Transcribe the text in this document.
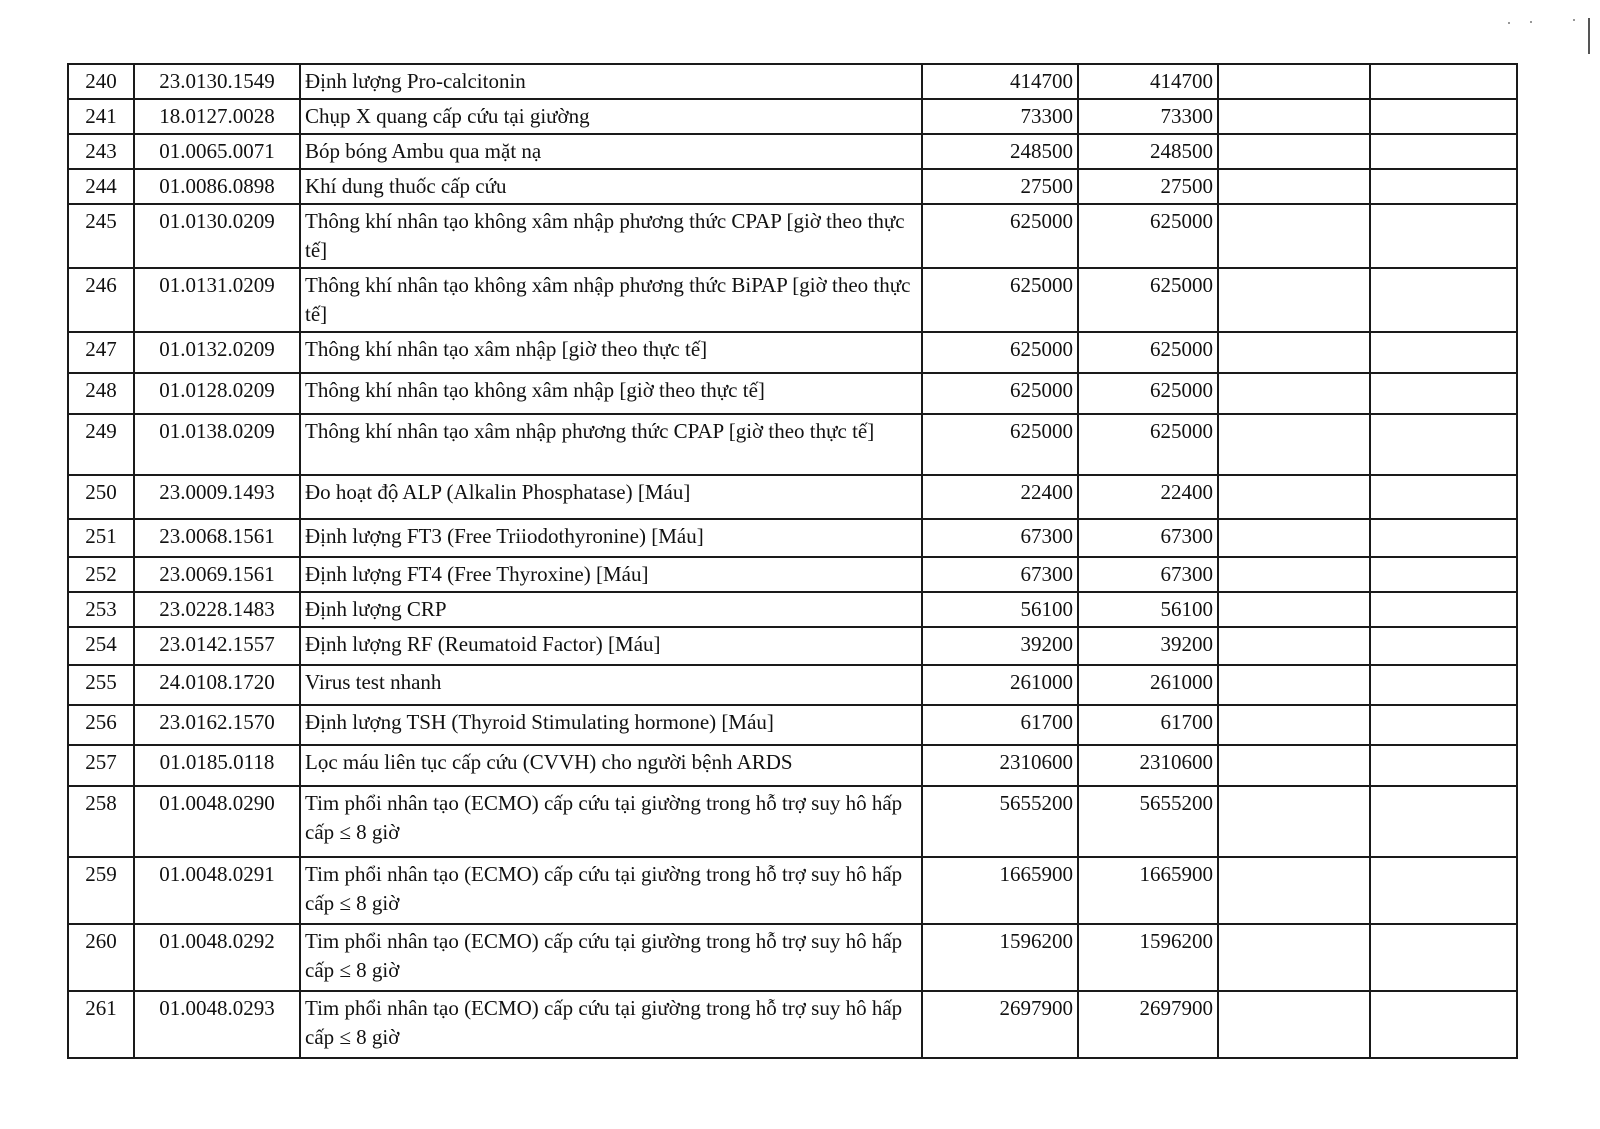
240	23.0130.1549	Định lượng Pro-calcitonin	414700	414700		
241	18.0127.0028	Chụp X quang cấp cứu tại giường	73300	73300		
243	01.0065.0071	Bóp bóng Ambu qua mặt nạ	248500	248500		
244	01.0086.0898	Khí dung thuốc cấp cứu	27500	27500		
245	01.0130.0209	Thông khí nhân tạo không xâm nhập phương thức CPAP [giờ theo thực tế]	625000	625000		
246	01.0131.0209	Thông khí nhân tạo không xâm nhập phương thức BiPAP [giờ theo thực tế]	625000	625000		
247	01.0132.0209	Thông khí nhân tạo xâm nhập [giờ theo thực tế]	625000	625000		
248	01.0128.0209	Thông khí nhân tạo không xâm nhập [giờ theo thực tế]	625000	625000		
249	01.0138.0209	Thông khí nhân tạo xâm nhập phương thức CPAP [giờ theo thực tế]	625000	625000		
250	23.0009.1493	Đo hoạt độ ALP (Alkalin Phosphatase) [Máu]	22400	22400		
251	23.0068.1561	Định lượng FT3 (Free Triiodothyronine) [Máu]	67300	67300		
252	23.0069.1561	Định lượng FT4 (Free Thyroxine) [Máu]	67300	67300		
253	23.0228.1483	Định lượng CRP	56100	56100		
254	23.0142.1557	Định lượng RF (Reumatoid Factor) [Máu]	39200	39200		
255	24.0108.1720	Virus test nhanh	261000	261000		
256	23.0162.1570	Định lượng TSH (Thyroid Stimulating hormone) [Máu]	61700	61700		
257	01.0185.0118	Lọc máu liên tục cấp cứu (CVVH) cho người bệnh ARDS	2310600	2310600		
258	01.0048.0290	Tim phổi nhân tạo (ECMO) cấp cứu tại giường trong hỗ trợ suy hô hấp cấp ≤ 8 giờ	5655200	5655200		
259	01.0048.0291	Tim phổi nhân tạo (ECMO) cấp cứu tại giường trong hỗ trợ suy hô hấp cấp ≤ 8 giờ	1665900	1665900		
260	01.0048.0292	Tim phổi nhân tạo (ECMO) cấp cứu tại giường trong hỗ trợ suy hô hấp cấp ≤ 8 giờ	1596200	1596200		
261	01.0048.0293	Tim phổi nhân tạo (ECMO) cấp cứu tại giường trong hỗ trợ suy hô hấp cấp ≤ 8 giờ	2697900	2697900		
